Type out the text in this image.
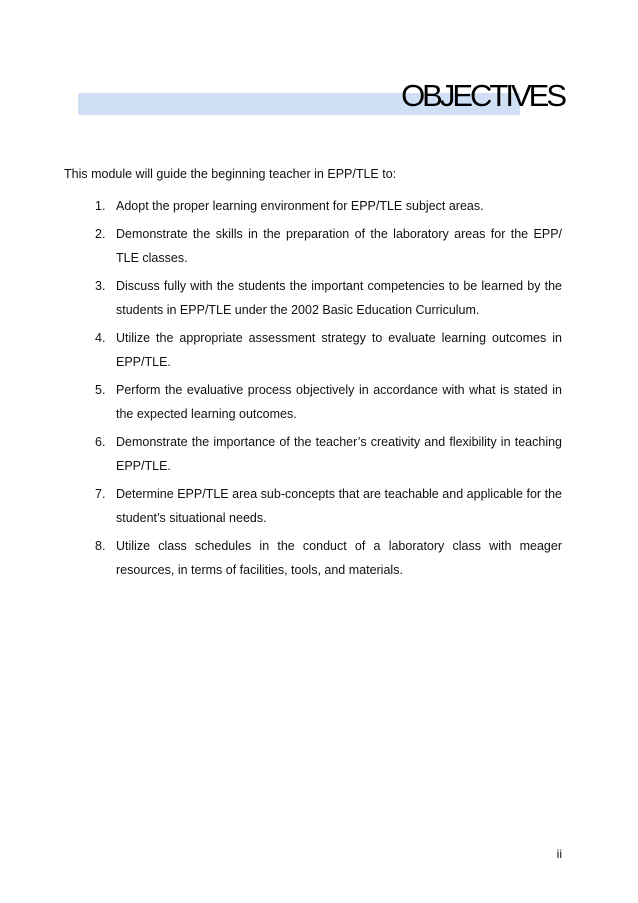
OBJECTIVES
This module will guide the beginning teacher in EPP/TLE to:
1. Adopt the proper learning environment for EPP/TLE subject areas.
2. Demonstrate the skills in the preparation of the laboratory areas for the EPP/ TLE classes.
3. Discuss fully with the students the important competencies to be learned by the students in EPP/TLE under the 2002 Basic Education Curriculum.
4. Utilize the appropriate assessment strategy to evaluate learning outcomes in EPP/TLE.
5. Perform the evaluative process objectively in accordance with what is stated in the expected learning outcomes.
6. Demonstrate the importance of the teacher’s creativity and flexibility in teaching EPP/TLE.
7. Determine EPP/TLE area sub-concepts that are teachable and applicable for the student’s situational needs.
8. Utilize class schedules in the conduct of a laboratory class with meager resources, in terms of facilities, tools, and materials.
ii
